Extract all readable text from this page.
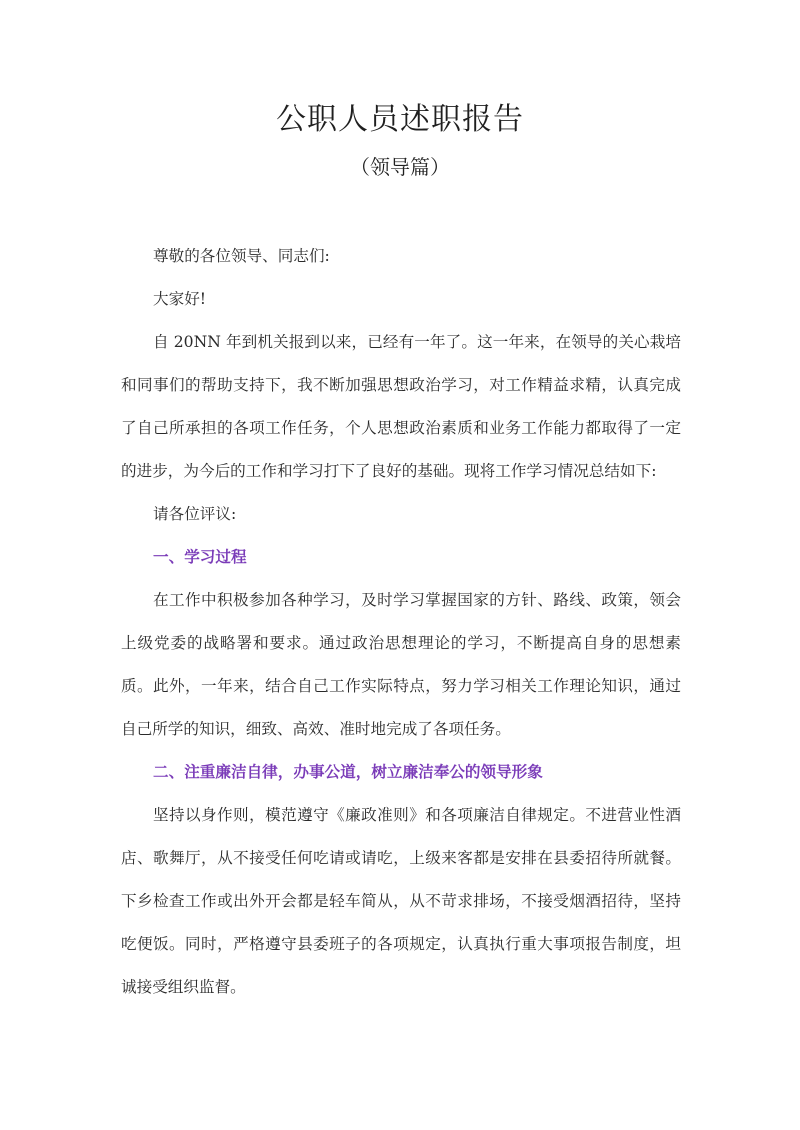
公职人员述职报告
（领导篇）

尊敬的各位领导、同志们:

大家好!

自 20NN 年到机关报到以来，已经有一年了。这一年来，在领导的关心栽培和同事们的帮助支持下，我不断加强思想政治学习，对工作精益求精，认真完成了自己所承担的各项工作任务，个人思想政治素质和业务工作能力都取得了一定的进步，为今后的工作和学习打下了良好的基础。现将工作学习情况总结如下:

请各位评议:

一、学习过程

在工作中积极参加各种学习，及时学习掌握国家的方针、路线、政策，领会上级党委的战略署和要求。通过政治思想理论的学习，不断提高自身的思想素质。此外，一年来，结合自己工作实际特点，努力学习相关工作理论知识，通过自己所学的知识，细致、高效、准时地完成了各项任务。

二、注重廉洁自律，办事公道，树立廉洁奉公的领导形象

坚持以身作则，模范遵守《廉政准则》和各项廉洁自律规定。不进营业性酒店、歌舞厅，从不接受任何吃请或请吃，上级来客都是安排在县委招待所就餐。下乡检查工作或出外开会都是轻车简从，从不苛求排场，不接受烟酒招待，坚持吃便饭。同时，严格遵守县委班子的各项规定，认真执行重大事项报告制度，坦诚接受组织监督。
